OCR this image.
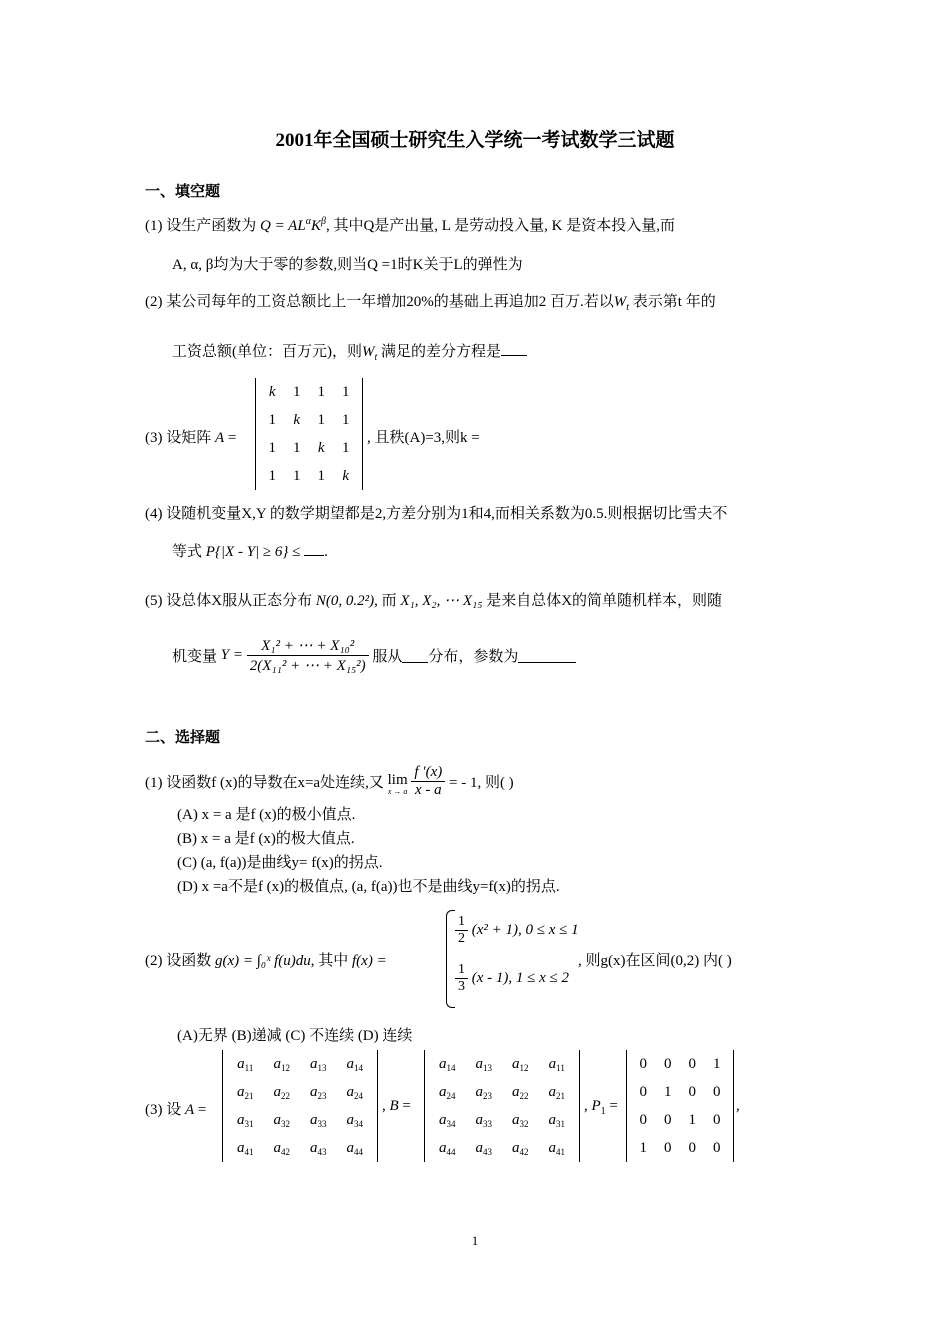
2001年全国硕士研究生入学统一考试数学三试题
一、填空题
(1) 设生产函数为 $Q = AL^\alpha K^\beta$, 其中Q是产出量, L 是劳动投入量, K 是资本投入量,而
A, α, β均为大于零的参数,则当Q =1时K关于L的弹性为
(2) 某公司每年的工资总额比上一年增加20%的基础上再追加2 百万.若以$W_t$ 表示第t 年的
工资总额(单位：百万元)，则$W_t$ 满足的差分方程是
(3) 设矩阵 A =
k	1	1	1
1	k	1	1
1	1	k	1
1	1	1	k
, 且秩(A)=3,则k =
(4) 设随机变量X,Y 的数学期望都是2,方差分别为1和4,而相关系数为0.5.则根据切比雪夫不
等式 P{|X - Y| ≥ 6} ≤ .
(5) 设总体X服从正态分布 N(0, 0.2²), 而 X₁, X₂, ⋯ X₁₅ 是来自总体X的简单随机样本，则随
机变量 $Y = \frac{\text{X₁² + ⋯ + X₁₀²}}{\text{2(X₁₁² + ⋯ + X₁₅²)}}$ 服从 分布，参数为
二、选择题
(1) 设函数f (x)的导数在x=a处连续,又 lim
x → a
$\frac{f '(x)}{x - a}$ = - 1, 则( )
(A) x = a 是f (x)的极小值点.
(B) x = a 是f (x)的极大值点.
(C) (a, f(a))是曲线y= f(x)的拐点.
(D) x =a不是f (x)的极值点, (a, f(a))也不是曲线y=f(x)的拐点.
(2) 设函数 g(x) = ∫₀ˣ f(u)du, 其中 f(x) =
$\frac{1}{2} (x^2 + 1)$, 0 ≤ x ≤ 1
$\frac{1}{3} (x - 1)$, 1 ≤ x ≤ 2
, 则g(x)在区间(0,2) 内( )
(A)无界 (B)递减 (C) 不连续 (D) 连续
(3) 设 A =
$a_{11}$	$a_{12}$	$a_{13}$	$a_{14}$
$a_{21}$	$a_{22}$	$a_{23}$	$a_{24}$
$a_{31}$	$a_{32}$	$a_{33}$	$a_{34}$
$a_{41}$	$a_{42}$	$a_{43}$	$a_{44}$
, B =
$a_{14}$	$a_{13}$	$a_{12}$	$a_{11}$
$a_{24}$	$a_{23}$	$a_{22}$	$a_{21}$
$a_{34}$	$a_{33}$	$a_{32}$	$a_{31}$
$a_{44}$	$a_{43}$	$a_{42}$	$a_{41}$
, $P_1$ =
0	0	0	1
0	1	0	0
0	0	1	0
1	0	0	0
,
1
